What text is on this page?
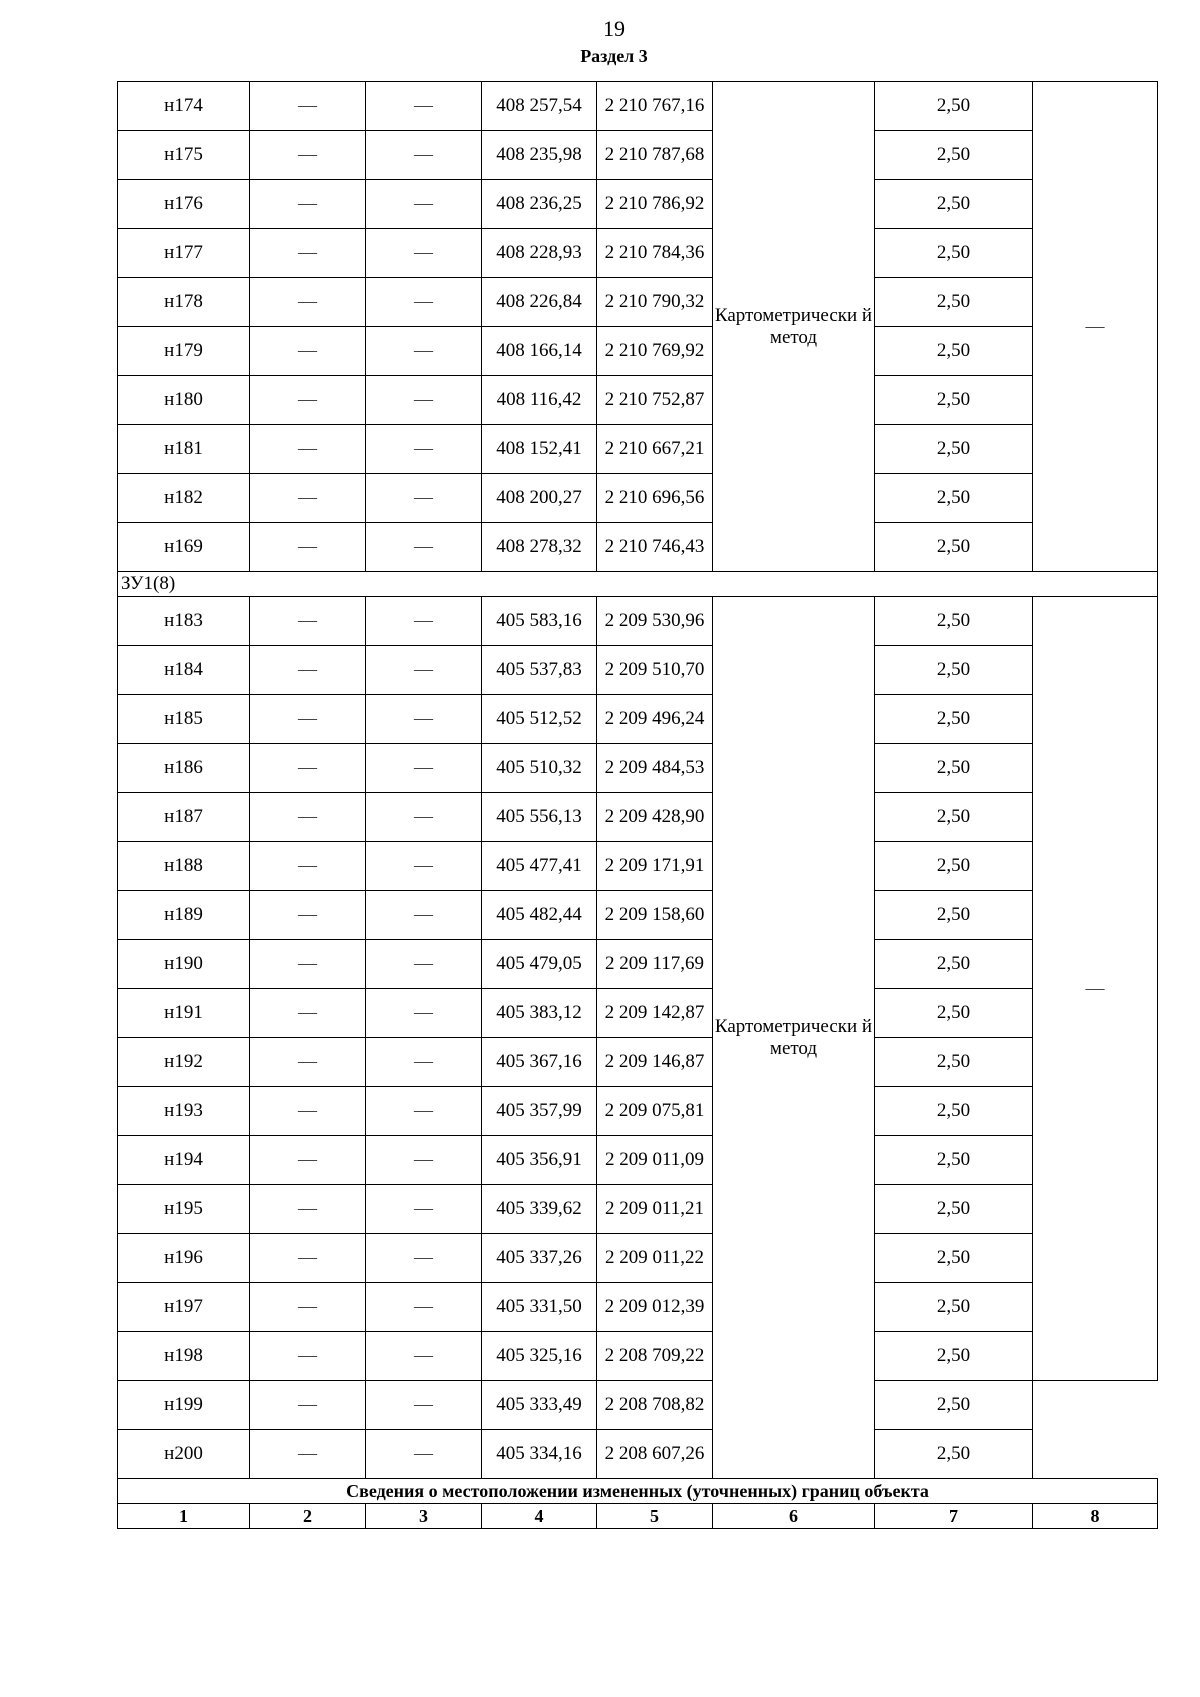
19
Раздел 3
н174	—	—	408 257,54	2 210 767,16	Картометрически й метод	2,50	—
н175	—	—	408 235,98	2 210 787,68		2,50	
н176	—	—	408 236,25	2 210 786,92		2,50	
н177	—	—	408 228,93	2 210 784,36		2,50	
н178	—	—	408 226,84	2 210 790,32		2,50	
н179	—	—	408 166,14	2 210 769,92		2,50	
н180	—	—	408 116,42	2 210 752,87		2,50	
н181	—	—	408 152,41	2 210 667,21		2,50	
н182	—	—	408 200,27	2 210 696,56		2,50	
н169	—	—	408 278,32	2 210 746,43		2,50	
ЗУ1(8)							
н183	—	—	405 583,16	2 209 530,96	Картометрически й метод	2,50	—
н184	—	—	405 537,83	2 209 510,70		2,50	
н185	—	—	405 512,52	2 209 496,24		2,50	
н186	—	—	405 510,32	2 209 484,53		2,50	
н187	—	—	405 556,13	2 209 428,90		2,50	
н188	—	—	405 477,41	2 209 171,91		2,50	
н189	—	—	405 482,44	2 209 158,60		2,50	
н190	—	—	405 479,05	2 209 117,69		2,50	
н191	—	—	405 383,12	2 209 142,87		2,50	
н192	—	—	405 367,16	2 209 146,87		2,50	
н193	—	—	405 357,99	2 209 075,81		2,50	
н194	—	—	405 356,91	2 209 011,09		2,50	
н195	—	—	405 339,62	2 209 011,21		2,50	
н196	—	—	405 337,26	2 209 011,22		2,50	
н197	—	—	405 331,50	2 209 012,39		2,50	
н198	—	—	405 325,16	2 208 709,22		2,50	
н199	—	—	405 333,49	2 208 708,82		2,50	
н200	—	—	405 334,16	2 208 607,26		2,50	
Сведения о местоположении измененных (уточненных) границ объекта							
1	2	3	4	5	6	7	8
